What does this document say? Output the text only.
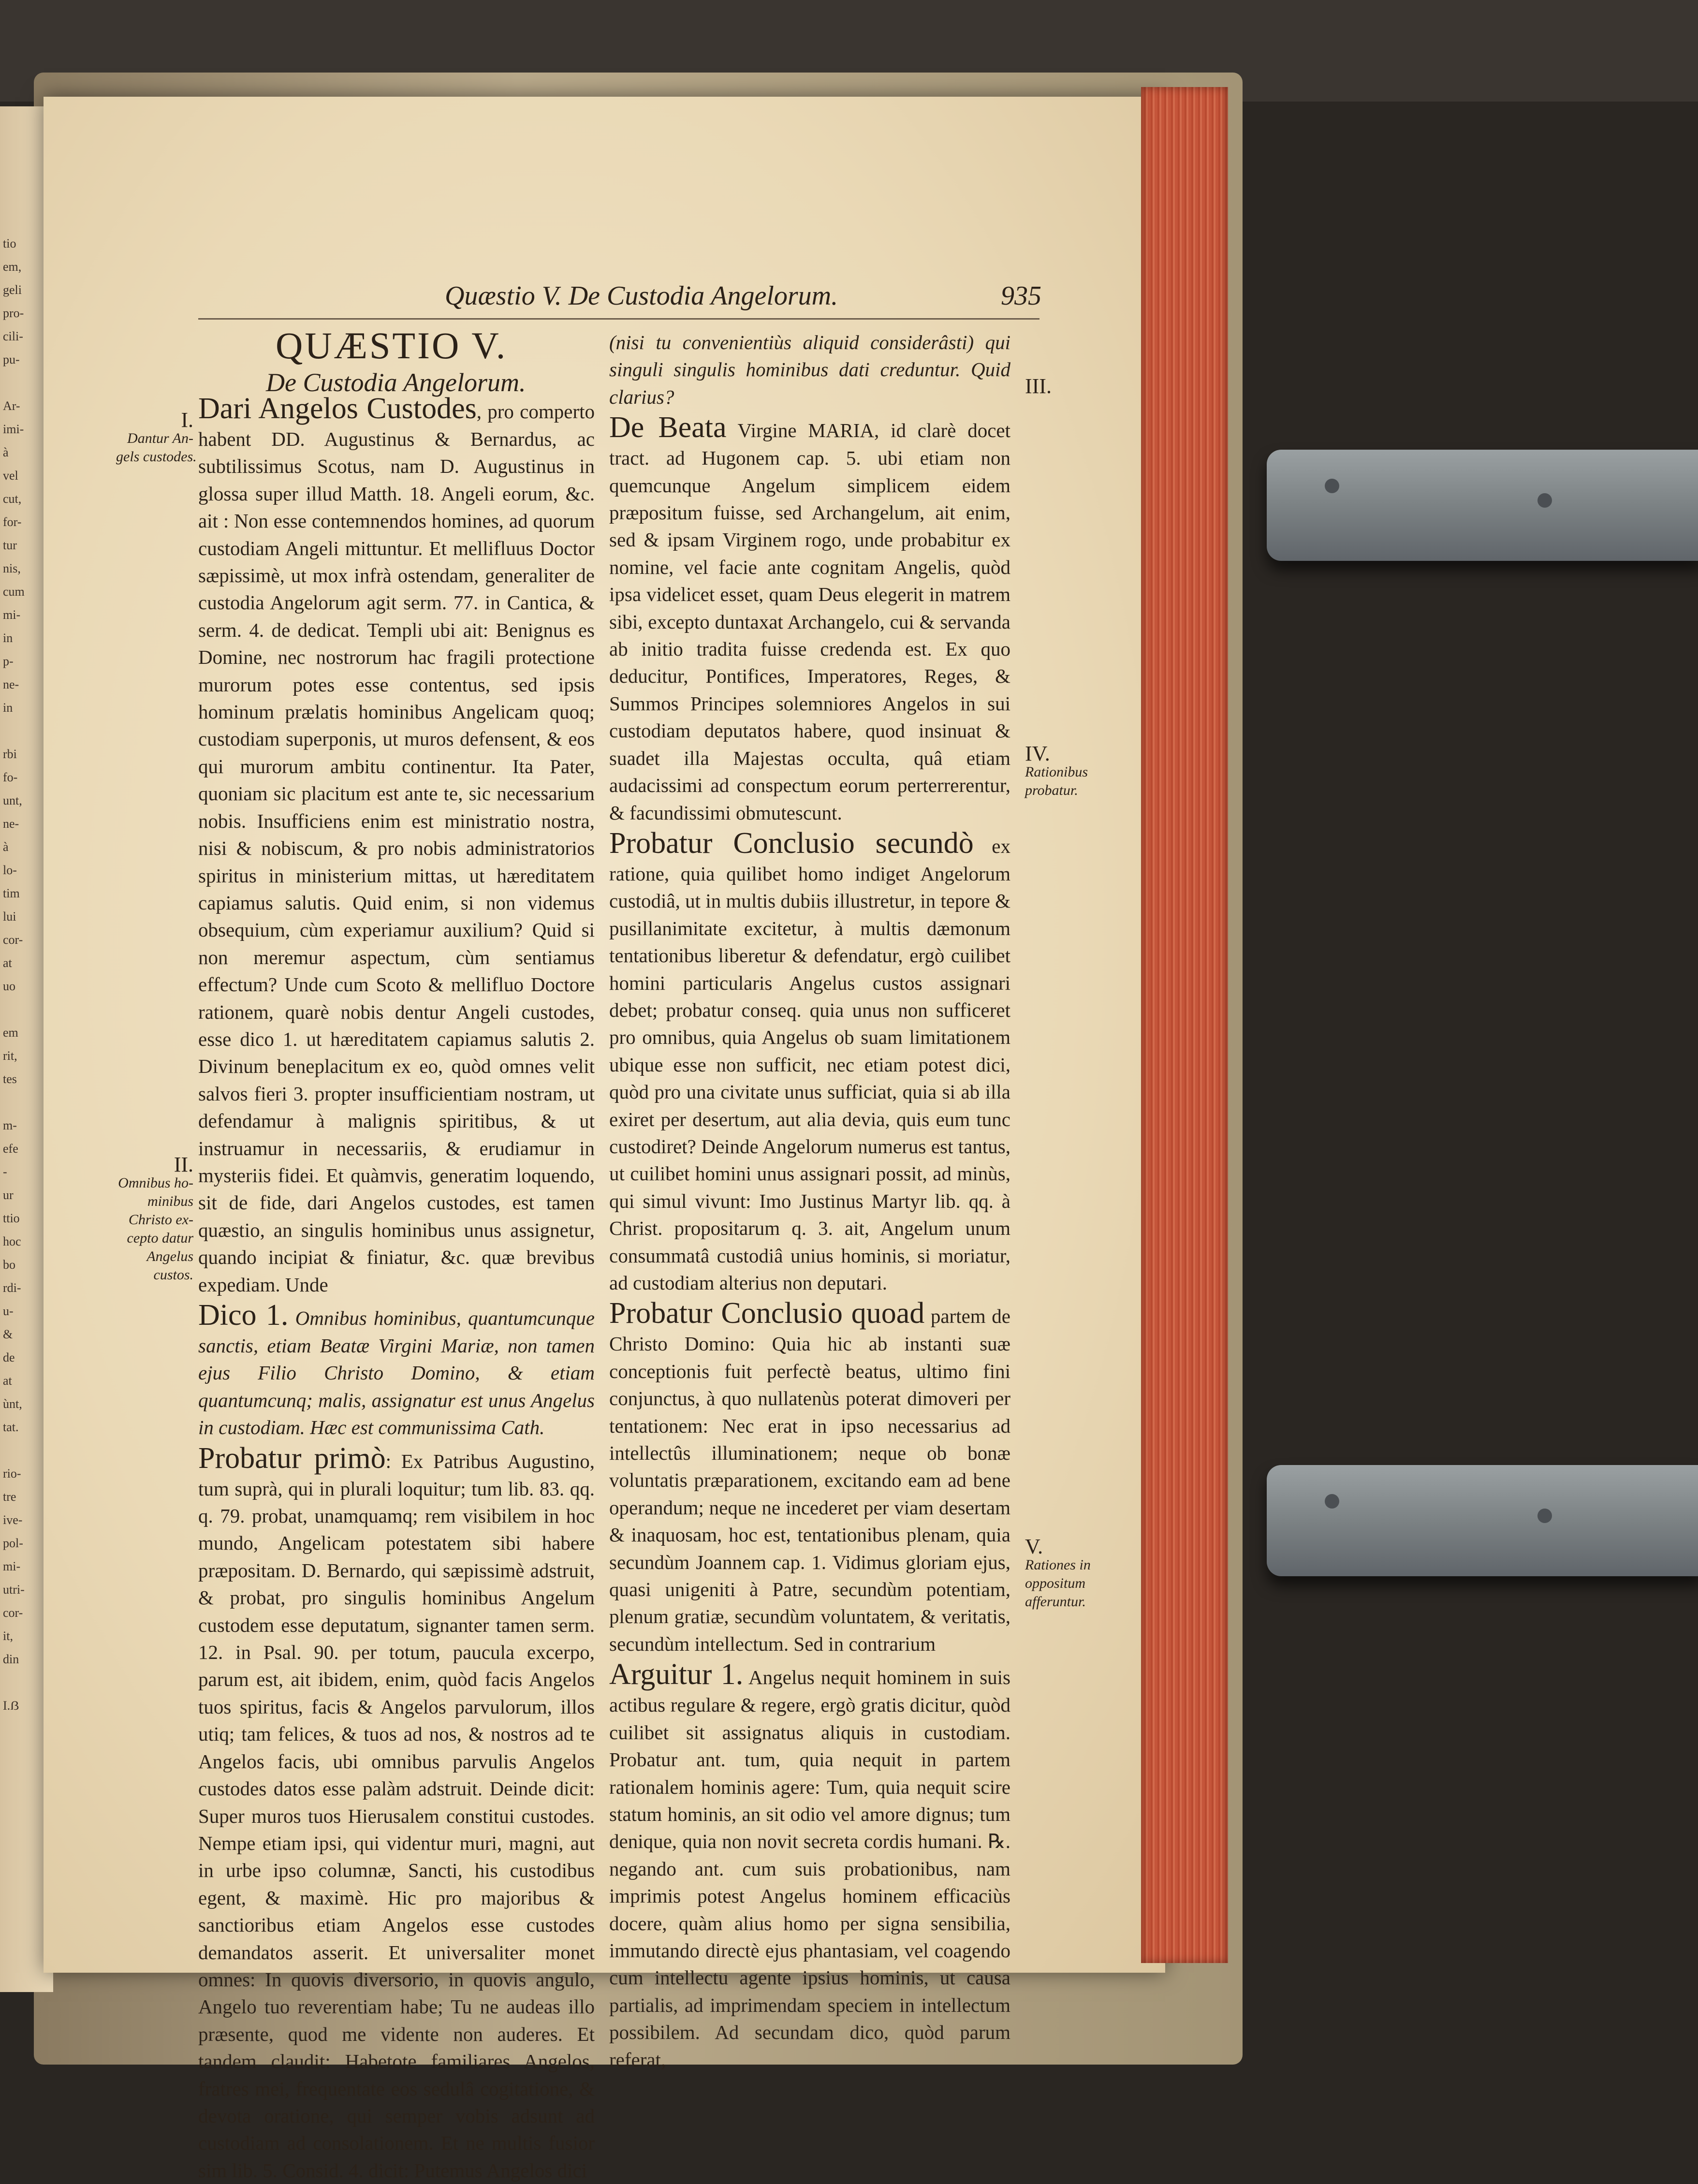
tio
em,
geli
pro-
cili-
pu-

Ar-
imi-
à
vel
cut,
for-
tur
nis,
cum
mi-
in
p-
ne-
in

rbi
fo-
unt,
ne-
à
lo-
tim
lui
cor-
at
uo

em
rit,
tes

m-
efe
-
ur
ttio
hoc
bo
rdi-
u-
&
de
at
ùnt,
tat.

rio-
tre
ive-
pol-
mi-
utri-
cor-
it,
din

I.ẞ
Quæstio V. De Custodia Angelorum.	935
QUÆSTIO V.
De Custodia Angelorum.
I.
Dantur An-
gels custodes.
II.
Omnibus ho-
minibus
Christo ex-
cepto datur
Angelus
custos.
III.
IV.
Rationibus
probatur.
V.
Rationes in
oppositum
afferuntur.

Dari Angelos Custodes, pro comperto habent DD. Augustinus & Bernardus, ac subtilissimus Scotus, nam D. Augustinus in glossa super illud Matth. 18. Angeli eorum, &c. ait : Non esse contemnendos homines, ad quorum custodiam Angeli mittuntur. Et mellifluus Doctor sæpissimè, ut mox infrà ostendam, generaliter de custodia Angelorum agit serm. 77. in Cantica, & serm. 4. de dedicat. Templi ubi ait: Benignus es Domine, nec nostrorum hac fragili protectione murorum potes esse contentus, sed ipsis hominum prælatis hominibus Angelicam quoq; custodiam superponis, ut muros defensent, & eos qui murorum ambitu continentur. Ita Pater, quoniam sic placitum est ante te, sic necessarium nobis. Insufficiens enim est ministratio nostra, nisi & nobiscum, & pro nobis administratorios spiritus in ministerium mittas, ut hæreditatem capiamus salutis. Quid enim, si non videmus obsequium, cùm experiamur auxilium? Quid si non meremur aspectum, cùm sentiamus effectum? Unde cum Scoto & mellifluo Doctore rationem, quarè nobis dentur Angeli custodes, esse dico 1. ut hæreditatem capiamus salutis 2. Divinum beneplacitum ex eo, quòd omnes velit salvos fieri 3. propter insufficientiam nostram, ut defendamur à malignis spiritibus, & ut instruamur in necessariis, & erudiamur in mysteriis fidei. Et quàmvis, generatim loquendo, sit de fide, dari Angelos custodes, est tamen quæstio, an singulis hominibus unus assignetur, quando incipiat & finiatur, &c. quæ brevibus expediam. Unde

Dico 1. Omnibus hominibus, quantumcunque sanctis, etiam Beatæ Virgini Mariæ, non tamen ejus Filio Christo Domino, & etiam quantumcunq; malis, assignatur est unus Angelus in custodiam. Hæc est communissima Cath.

Probatur primò: Ex Patribus Augustino, tum suprà, qui in plurali loquitur; tum lib. 83. qq. q. 79. probat, unamquamq; rem visibilem in hoc mundo, Angelicam potestatem sibi habere præpositam. D. Bernardo, qui sæpissimè adstruit, & probat, pro singulis hominibus Angelum custodem esse deputatum, signanter tamen serm. 12. in Psal. 90. per totum, paucula excerpo, parum est, ait ibidem, enim, quòd facis Angelos tuos spiritus, facis & Angelos parvulorum, illos utiq; tam felices, & tuos ad nos, & nostros ad te Angelos facis, ubi omnibus parvulis Angelos custodes datos esse palàm adstruit. Deinde dicit: Super muros tuos Hierusalem constitui custodes. Nempe etiam ipsi, qui videntur muri, magni, aut in urbe ipso columnæ, Sancti, his custodibus egent, & maximè. Hic pro majoribus & sanctioribus etiam Angelos esse custodes demandatos asserit. Et universaliter monet omnes: In quovis diversorio, in quovis angulo, Angelo tuo reverentiam habe; Tu ne audeas illo præsente, quod me vidente non auderes. Et tandem claudit: Habetote familiares Angelos, fratres mei, frequentate eos sedulâ cogitatione, & devota oratione, qui semper vobis adsunt ad custodiam ad consolationem. Et ne multis fusior sim lib. 5. Consid. 4. dicit: Putemus Angelos dici

(nisi tu convenientiùs aliquid considerâsti) qui singuli singulis hominibus dati creduntur. Quid clarius?

De Beata Virgine MARIA, id clarè docet tract. ad Hugonem cap. 5. ubi etiam non quemcunque Angelum simplicem eidem præpositum fuisse, sed Archangelum, ait enim, sed & ipsam Virginem rogo, unde probabitur ex nomine, vel facie ante cognitam Angelis, quòd ipsa videlicet esset, quam Deus elegerit in matrem sibi, excepto duntaxat Archangelo, cui & servanda ab initio tradita fuisse credenda est. Ex quo deducitur, Pontifices, Imperatores, Reges, & Summos Principes solemniores Angelos in sui custodiam deputatos habere, quod insinuat & suadet illa Majestas occulta, quâ etiam audacissimi ad conspectum eorum perterrerentur, & facundissimi obmutescunt.

Probatur Conclusio secundò ex ratione, quia quilibet homo indiget Angelorum custodiâ, ut in multis dubiis illustretur, in tepore & pusillanimitate excitetur, à multis dæmonum tentationibus liberetur & defendatur, ergò cuilibet homini particularis Angelus custos assignari debet; probatur conseq. quia unus non sufficeret pro omnibus, quia Angelus ob suam limitationem ubique esse non sufficit, nec etiam potest dici, quòd pro una civitate unus sufficiat, quia si ab illa exiret per desertum, aut alia devia, quis eum tunc custodiret? Deinde Angelorum numerus est tantus, ut cuilibet homini unus assignari possit, ad minùs, qui simul vivunt: Imo Justinus Martyr lib. qq. à Christ. propositarum q. 3. ait, Angelum unum consummatâ custodiâ unius hominis, si moriatur, ad custodiam alterius non deputari.

Probatur Conclusio quoad partem de Christo Domino: Quia hic ab instanti suæ conceptionis fuit perfectè beatus, ultimo fini conjunctus, à quo nullatenùs poterat dimoveri per tentationem: Nec erat in ipso necessarius ad intellectûs illuminationem; neque ob bonæ voluntatis præparationem, excitando eam ad bene operandum; neque ne incederet per viam desertam & inaquosam, hoc est, tentationibus plenam, quia secundùm Joannem cap. 1. Vidimus gloriam ejus, quasi unigeniti à Patre, secundùm potentiam, plenum gratiæ, secundùm voluntatem, & veritatis, secundùm intellectum. Sed in contrarium

Arguitur 1. Angelus nequit hominem in suis actibus regulare & regere, ergò gratis dicitur, quòd cuilibet sit assignatus aliquis in custodiam. Probatur ant. tum, quia nequit in partem rationalem hominis agere: Tum, quia nequit scire statum hominis, an sit odio vel amore dignus; tum denique, quia non novit secreta cordis humani. ℞. negando ant. cum suis probationibus, nam imprimis potest Angelus hominem efficaciùs docere, quàm alius homo per signa sensibilia, immutando directè ejus phantasiam, vel coagendo cum intellectu agente ipsius hominis, ut causa partialis, ad imprimendam speciem in intellectum possibilem. Ad secundam dico, quòd parum referat,
